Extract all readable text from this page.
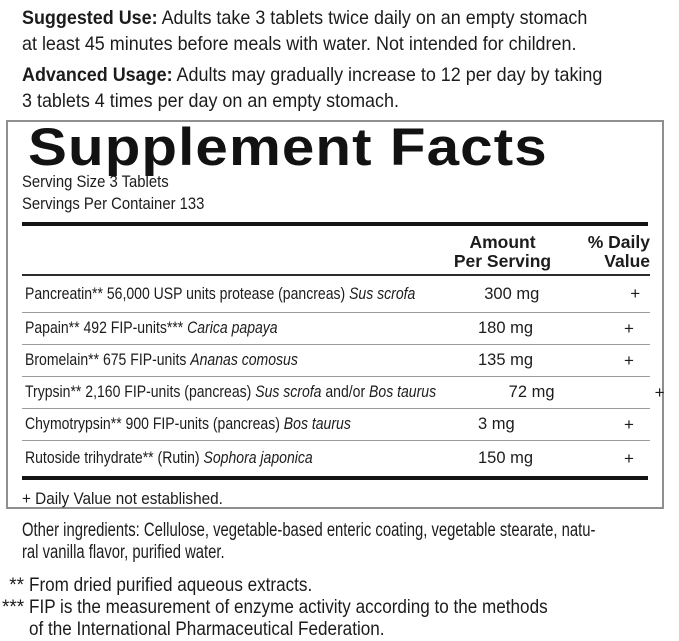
Suggested Use: Adults take 3 tablets twice daily on an empty stomach
at least 45 minutes before meals with water. Not intended for children.

Advanced Usage: Adults may gradually increase to 12 per day by taking
3 tablets 4 times per day on an empty stomach.

Supplement Facts
Serving Size 3 Tablets
Servings Per Container 133
Amount
Per Serving
% Daily
Value
Pancreatin** 56,000 USP units protease (pancreas) Sus scrofa	300 mg	+
Papain** 492 FIP-units*** Carica papaya	180 mg	+
Bromelain** 675 FIP-units Ananas comosus	135 mg	+
Trypsin** 2,160 FIP-units (pancreas) Sus scrofa and/or Bos taurus	72 mg	+
Chymotrypsin** 900 FIP-units (pancreas) Bos taurus	3 mg	+
Rutoside trihydrate** (Rutin) Sophora japonica	150 mg	+
+ Daily Value not established.
Other ingredients: Cellulose, vegetable-based enteric coating, vegetable stearate, natu-
ral vanilla flavor, purified water.
** From dried purified aqueous extracts.
*** FIP is the measurement of enzyme activity according to the methods
of the International Pharmaceutical Federation.
